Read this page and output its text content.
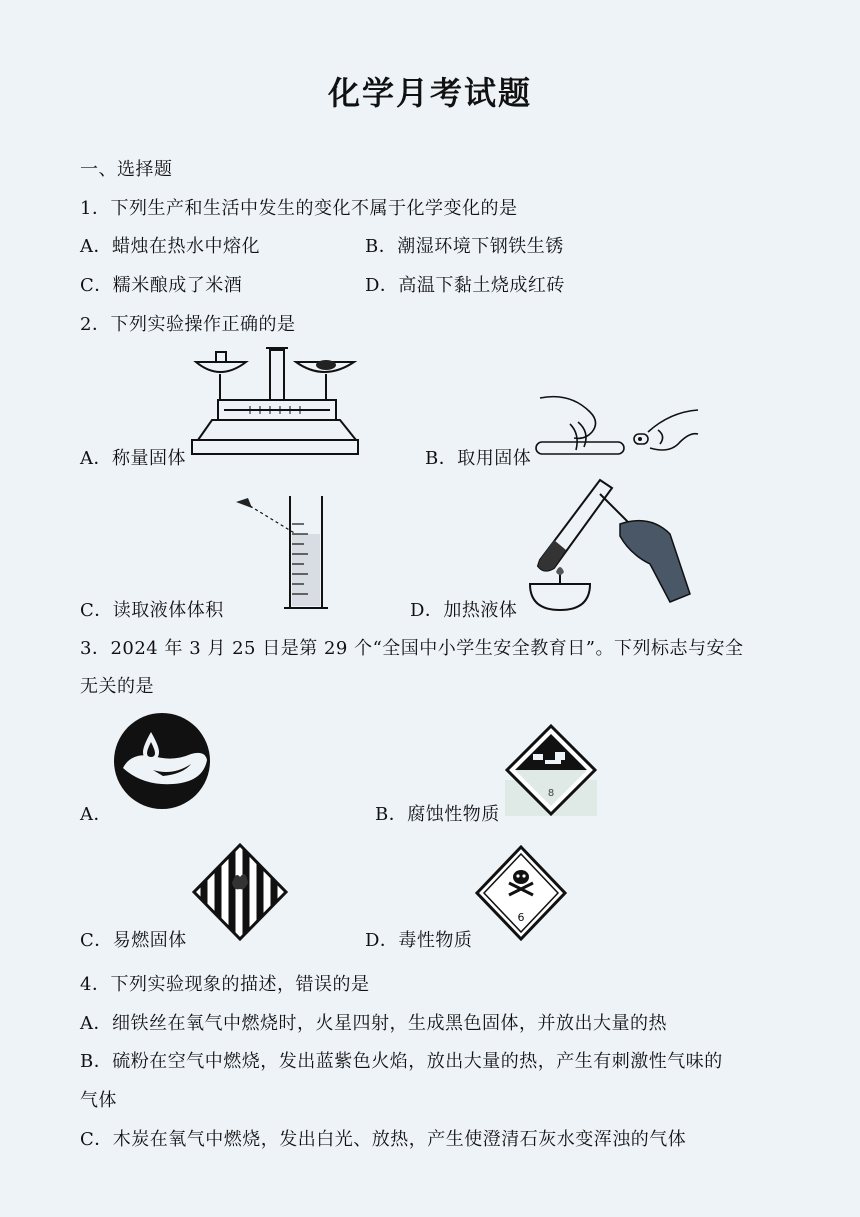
化学月考试题
一、选择题
1．下列生产和生活中发生的变化不属于化学变化的是
A．蜡烛在热水中熔化	B．潮湿环境下钢铁生锈
C．糯米酿成了米酒	D．高温下黏土烧成红砖
2．下列实验操作正确的是
A．称量固体	B．取用固体
C．读取液体体积	D．加热液体
3．2024 年 3 月 25 日是第 29 个“全国中小学生安全教育日”。下列标志与安全
无关的是
A．
8
B．腐蚀性物质
C．易燃固体
6
D．毒性物质
4．下列实验现象的描述，错误的是
A．细铁丝在氧气中燃烧时，火星四射，生成黑色固体，并放出大量的热
B．硫粉在空气中燃烧，发出蓝紫色火焰，放出大量的热，产生有刺激性气味的
气体
C．木炭在氧气中燃烧，发出白光、放热，产生使澄清石灰水变浑浊的气体
